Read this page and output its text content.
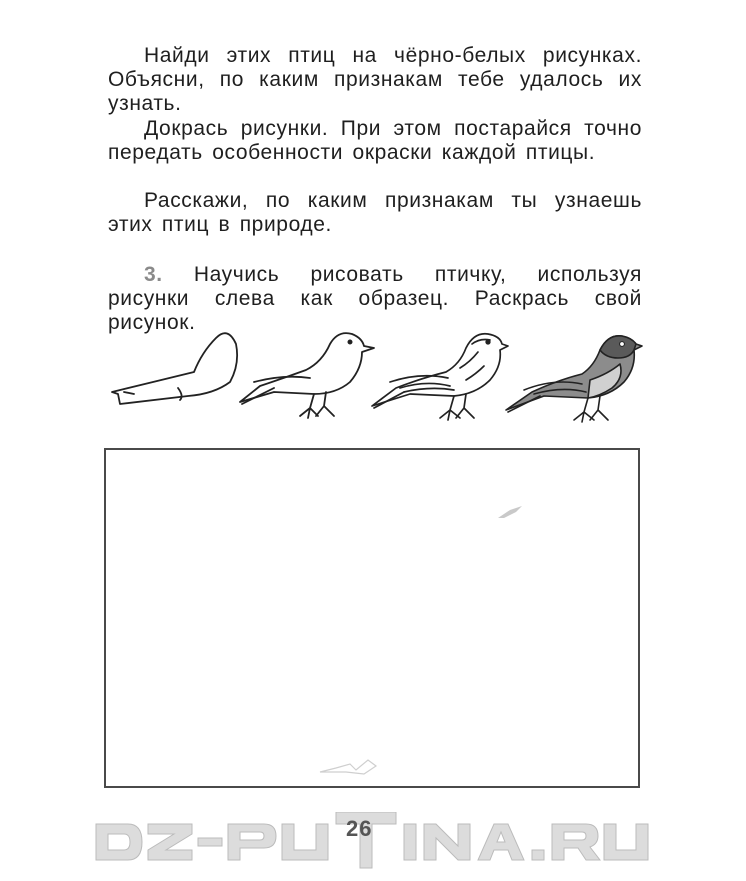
Найди этих птиц на чёрно-белых рисунках. Объясни, по каким признакам тебе удалось их узнать.

Докрась рисунки. При этом постарайся точно передать особенности окраски каждой птицы.

Расскажи, по каким признакам ты узнаешь этих птиц в природе.

3. Научись рисовать птичку, используя рисунки слева как образец. Раскрась свой рисунок.

26
